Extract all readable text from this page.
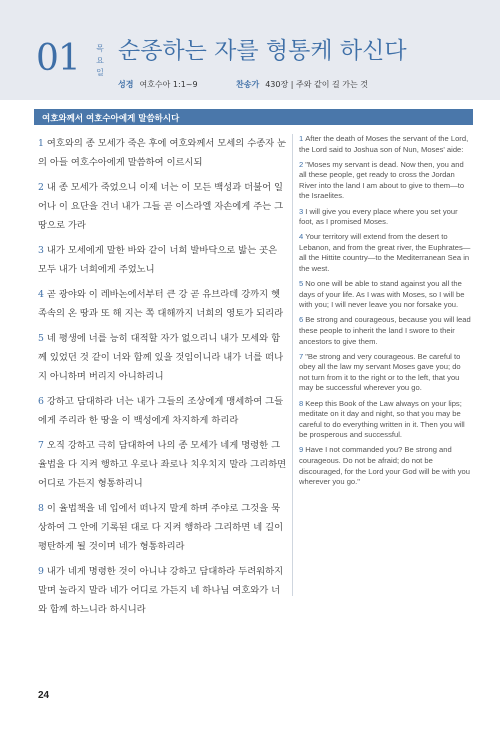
01 목
요
일
순종하는 자를 형통케 하신다
성경 여호수아 1:1~9	찬송가 430장 | 주와 같이 길 가는 것
여호와께서 여호수아에게 말씀하시다
1 여호와의 종 모세가 죽은 후에 여호와께서 모세의 수종자 눈의 아들 여호수아에게 말씀하여 이르시되
2 내 종 모세가 죽었으니 이제 너는 이 모든 백성과 더불어 일어나 이 요단을 건너 내가 그들 곧 이스라엘 자손에게 주는 그 땅으로 가라
3 내가 모세에게 말한 바와 같이 너희 발바닥으로 밟는 곳은 모두 내가 너희에게 주었노니
4 곧 광야와 이 레바논에서부터 큰 강 곧 유브라데 강까지 헷 족속의 온 땅과 또 해 지는 쪽 대해까지 너희의 영토가 되리라
5 네 평생에 너를 능히 대적할 자가 없으리니 내가 모세와 함께 있었던 것 같이 너와 함께 있을 것임이니라 내가 너를 떠나지 아니하며 버리지 아니하리니
6 강하고 담대하라 너는 내가 그들의 조상에게 맹세하여 그들에게 주리라 한 땅을 이 백성에게 차지하게 하리라
7 오직 강하고 극히 담대하여 나의 종 모세가 네게 명령한 그 율법을 다 지켜 행하고 우로나 좌로나 치우치지 말라 그리하면 어디로 가든지 형통하리니
8 이 율법책을 네 입에서 떠나지 말게 하며 주야로 그것을 묵상하여 그 안에 기록된 대로 다 지켜 행하라 그리하면 네 길이 평탄하게 될 것이며 네가 형통하리라
9 내가 네게 명령한 것이 아니냐 강하고 담대하라 두려워하지 말며 놀라지 말라 네가 어디로 가든지 네 하나님 여호와가 너와 함께 하느니라 하시니라
1 After the death of Moses the servant of the Lord, the Lord said to Joshua son of Nun, Moses' aide:
2 "Moses my servant is dead. Now then, you and all these people, get ready to cross the Jordan River into the land I am about to give to them—to the Israelites.
3 I will give you every place where you set your foot, as I promised Moses.
4 Your territory will extend from the desert to Lebanon, and from the great river, the Euphrates—all the Hittite country—to the Mediterranean Sea in the west.
5 No one will be able to stand against you all the days of your life. As I was with Moses, so I will be with you; I will never leave you nor forsake you.
6 Be strong and courageous, because you will lead these people to inherit the land I swore to their ancestors to give them.
7 "Be strong and very courageous. Be careful to obey all the law my servant Moses gave you; do not turn from it to the right or to the left, that you may be successful wherever you go.
8 Keep this Book of the Law always on your lips; meditate on it day and night, so that you may be careful to do everything written in it. Then you will be prosperous and successful.
9 Have I not commanded you? Be strong and courageous. Do not be afraid; do not be discouraged, for the Lord your God will be with you wherever you go."
24
